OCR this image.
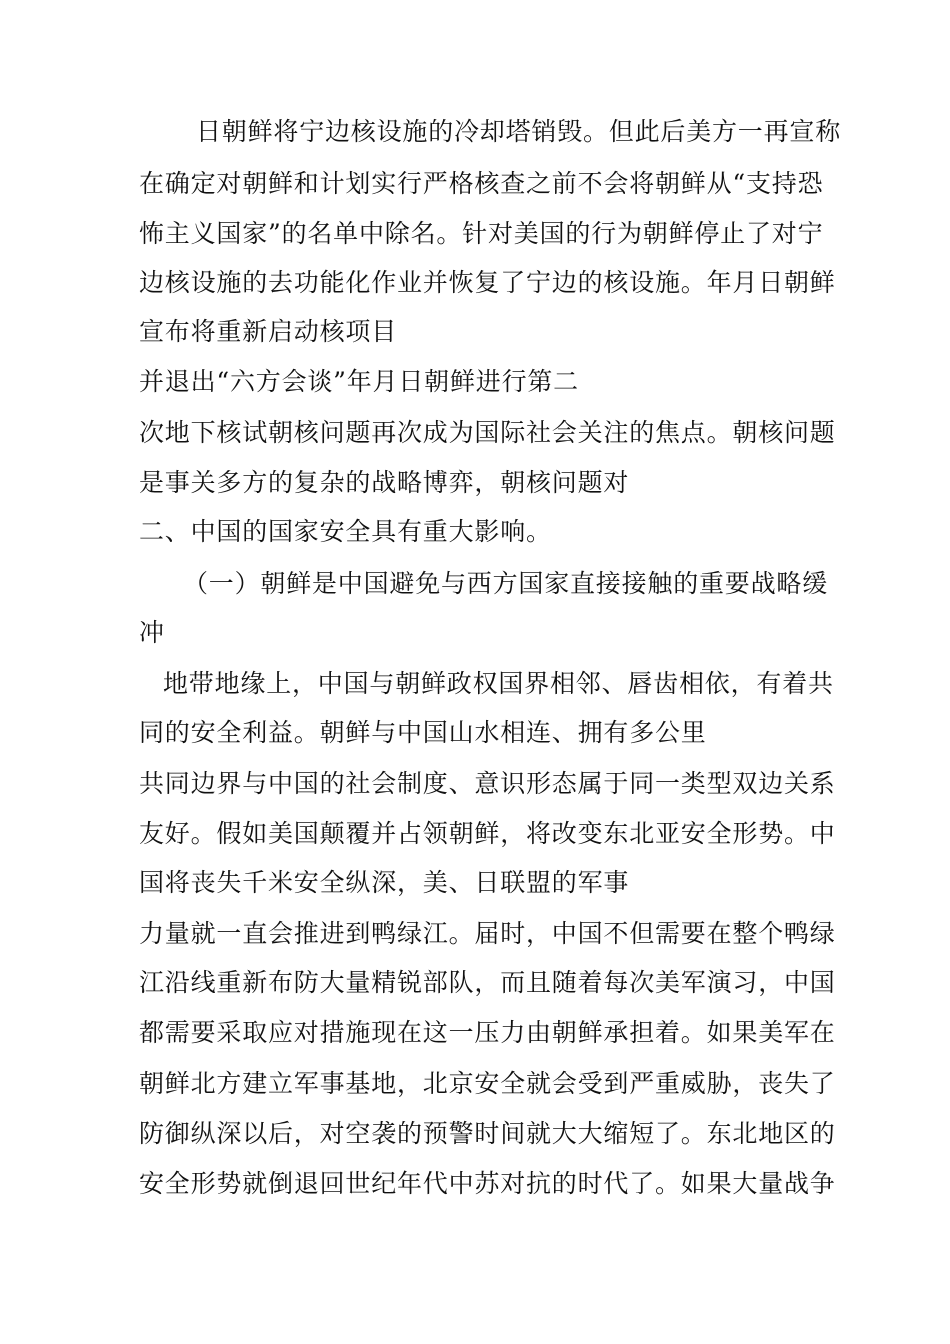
日朝鲜将宁边核设施的冷却塔销毁。但此后美方一再宣称
在确定对朝鲜和计划实行严格核查之前不会将朝鲜从“支持恐
怖主义国家”的名单中除名。针对美国的行为朝鲜停止了对宁
边核设施的去功能化作业并恢复了宁边的核设施。年月日朝鲜
宣布将重新启动核项目
并退出“六方会谈”年月日朝鲜进行第二
次地下核试朝核问题再次成为国际社会关注的焦点。朝核问题
是事关多方的复杂的战略博弈，朝核问题对
二、中国的国家安全具有重大影响。
（一）朝鲜是中国避免与西方国家直接接触的重要战略缓
冲
地带地缘上，中国与朝鲜政权国界相邻、唇齿相依，有着共
同的安全利益。朝鲜与中国山水相连、拥有多公里
共同边界与中国的社会制度、意识形态属于同一类型双边关系
友好。假如美国颠覆并占领朝鲜，将改变东北亚安全形势。中
国将丧失千米安全纵深，美、日联盟的军事
力量就一直会推进到鸭绿江。届时，中国不但需要在整个鸭绿
江沿线重新布防大量精锐部队，而且随着每次美军演习，中国
都需要采取应对措施现在这一压力由朝鲜承担着。如果美军在
朝鲜北方建立军事基地，北京安全就会受到严重威胁，丧失了
防御纵深以后，对空袭的预警时间就大大缩短了。东北地区的
安全形势就倒退回世纪年代中苏对抗的时代了。如果大量战争
